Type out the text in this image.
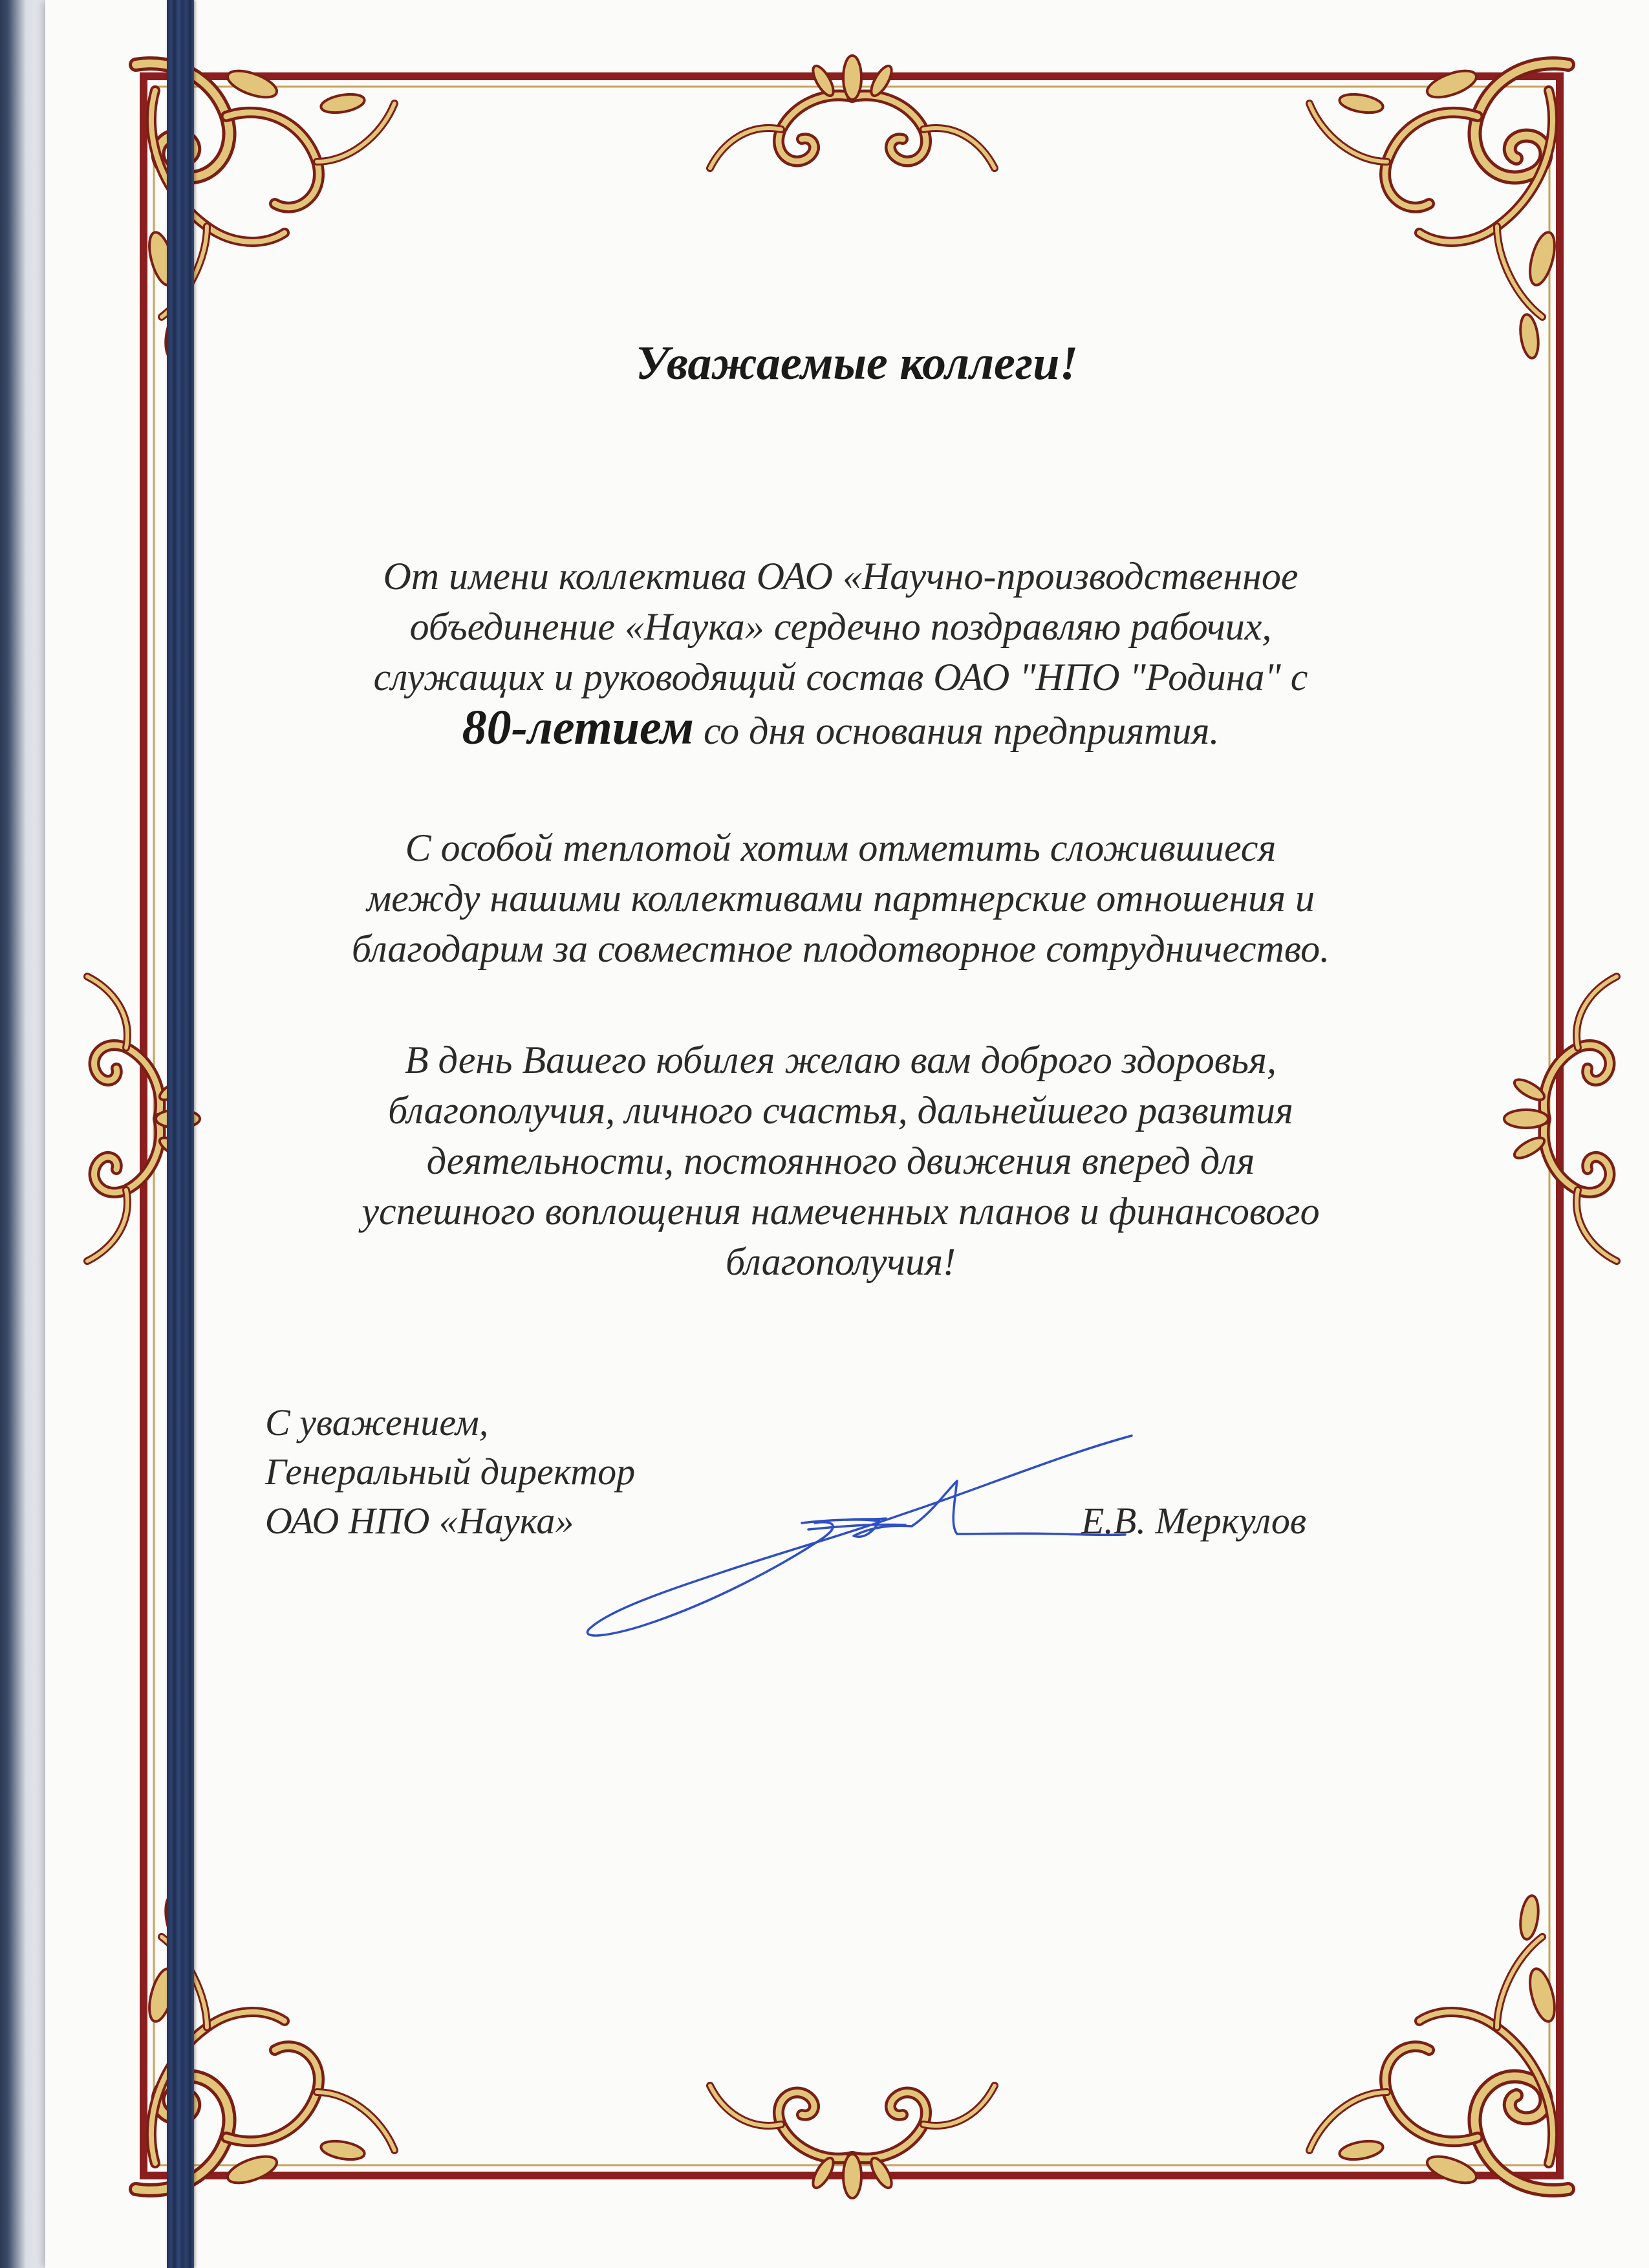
Уважаемые коллеги!

От имени коллектива ОАО «Научно-производственное
объединение «Наука» сердечно поздравляю рабочих,
служащих и руководящий состав ОАО "НПО "Родина" с
80-летием со дня основания предприятия.

С особой теплотой хотим отметить сложившиеся
между нашими коллективами партнерские отношения и
благодарим за совместное плодотворное сотрудничество.

В день Вашего юбилея желаю вам доброго здоровья,
благополучия, личного счастья, дальнейшего развития
деятельности, постоянного движения вперед для
успешного воплощения намеченных планов и финансового
благополучия!

С уважением,
Генеральный директор
ОАО НПО «Наука»	Е.В. Меркулов
